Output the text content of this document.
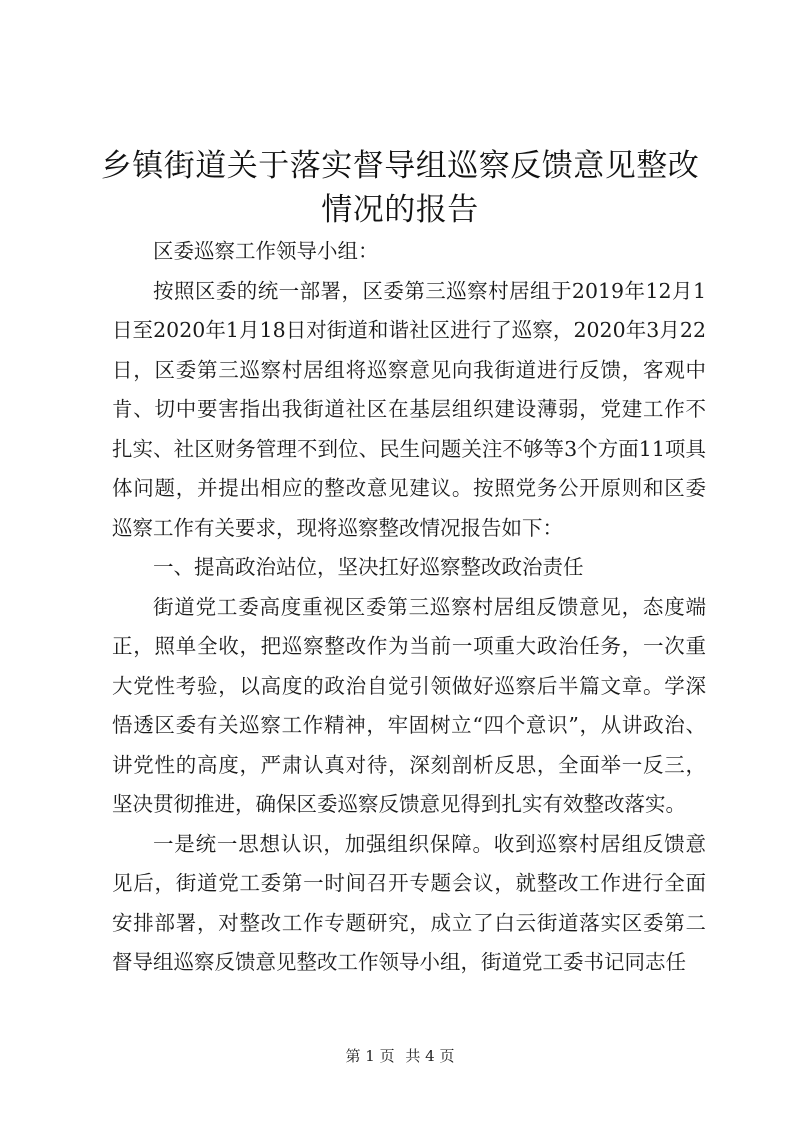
乡镇街道关于落实督导组巡察反馈意见整改情况的报告

区委巡察工作领导小组：

按照区委的统一部署，区委第三巡察村居组于2019年12月1日至2020年1月18日对街道和谐社区进行了巡察，2020年3月22日，区委第三巡察村居组将巡察意见向我街道进行反馈，客观中肯、切中要害指出我街道社区在基层组织建设薄弱，党建工作不扎实、社区财务管理不到位、民生问题关注不够等3个方面11项具体问题，并提出相应的整改意见建议。按照党务公开原则和区委巡察工作有关要求，现将巡察整改情况报告如下：

一、提高政治站位，坚决扛好巡察整改政治责任

街道党工委高度重视区委第三巡察村居组反馈意见，态度端正，照单全收，把巡察整改作为当前一项重大政治任务，一次重大党性考验，以高度的政治自觉引领做好巡察后半篇文章。学深悟透区委有关巡察工作精神，牢固树立“四个意识”，从讲政治、讲党性的高度，严肃认真对待，深刻剖析反思，全面举一反三，坚决贯彻推进，确保区委巡察反馈意见得到扎实有效整改落实。

一是统一思想认识，加强组织保障。收到巡察村居组反馈意见后，街道党工委第一时间召开专题会议，就整改工作进行全面安排部署，对整改工作专题研究，成立了白云街道落实区委第二督导组巡察反馈意见整改工作领导小组，街道党工委书记同志任

第 1 页 共 4 页
